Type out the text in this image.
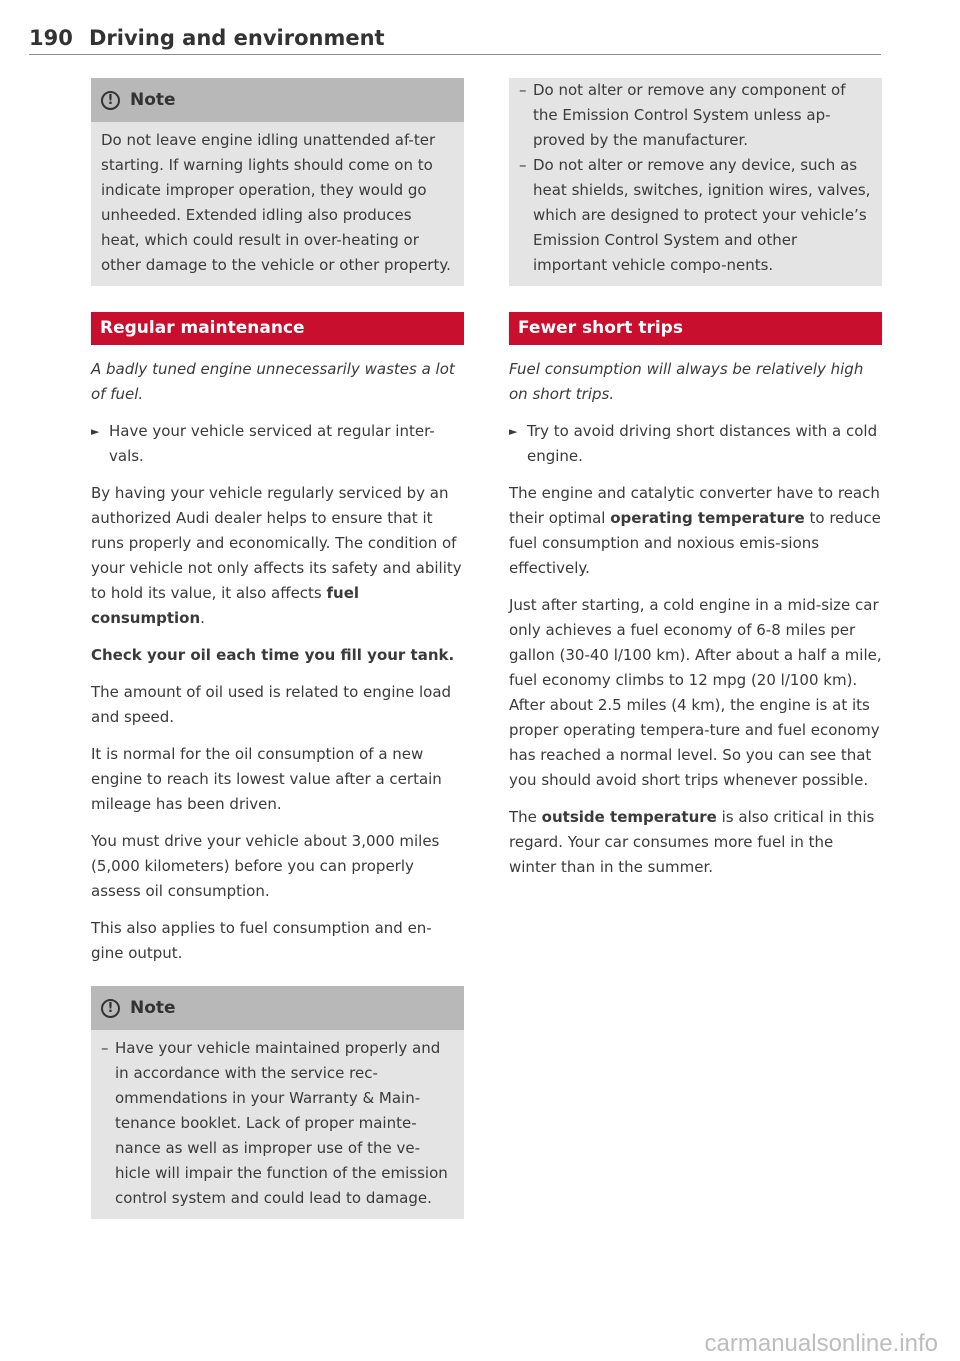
190 Driving and environment
! Note

Do not leave engine idling unattended af-ter starting. If warning lights should come on to indicate improper operation, they would go unheeded. Extended idling also produces heat, which could result in over-heating or other damage to the vehicle or other property.

Regular maintenance

A badly tuned engine unnecessarily wastes a lot of fuel.

► Have your vehicle serviced at regular inter-vals.

By having your vehicle regularly serviced by an authorized Audi dealer helps to ensure that it runs properly and economically. The condition of your vehicle not only affects its safety and ability to hold its value, it also affects fuel consumption.

Check your oil each time you fill your tank.

The amount of oil used is related to engine load and speed.

It is normal for the oil consumption of a new engine to reach its lowest value after a certain mileage has been driven.

You must drive your vehicle about 3,000 miles (5,000 kilometers) before you can properly assess oil consumption.

This also applies to fuel consumption and en-gine output.

! Note
– Have your vehicle maintained properly and in accordance with the service rec-ommendations in your Warranty & Main-tenance booklet. Lack of proper mainte-nance as well as improper use of the ve-hicle will impair the function of the emission control system and could lead to damage.
– Do not alter or remove any component of the Emission Control System unless ap-proved by the manufacturer.
– Do not alter or remove any device, such as heat shields, switches, ignition wires, valves, which are designed to protect your vehicle’s Emission Control System and other important vehicle compo-nents.
Fewer short trips

Fuel consumption will always be relatively high on short trips.

► Try to avoid driving short distances with a cold engine.

The engine and catalytic converter have to reach their optimal operating temperature to reduce fuel consumption and noxious emis-sions effectively.

Just after starting, a cold engine in a mid-size car only achieves a fuel economy of 6-8 miles per gallon (30-40 l/100 km). After about a half a mile, fuel economy climbs to 12 mpg (20 l/100 km). After about 2.5 miles (4 km), the engine is at its proper operating tempera-ture and fuel economy has reached a normal level. So you can see that you should avoid short trips whenever possible.

The outside temperature is also critical in this regard. Your car consumes more fuel in the winter than in the summer.

carmanualsonline.info
